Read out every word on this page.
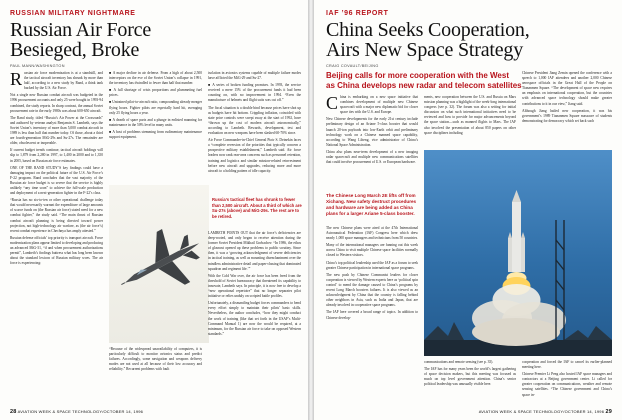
RUSSIAN MILITARY NIGHTMARE
Russian Air Force
Besieged, Broke
PAUL MANN/WASHINGTON

Russian air force modernization is at a standstill, and the tactical aircraft inventory has shrunk by more than half, according to a new study by Rand, a think tank backed by the U.S. Air Force.

Not a single new Russian combat aircraft was budgeted in the 1996 procurement accounts and only 25 were bought in 1993-94 combined, the study reports. In sharp contrast, the annual Soviet procurement rate in the early 1980s was about 600-650 aircraft.

The Rand study, titled “Russia’s Air Power at the Crossroads” and authored by veteran analyst Benjamin S. Lambeth, says the Soviet Union’s inventory of more than 5,000 combat aircraft in 1989 is less than half that number today. Of those, about a third are fourth-generation MiG-29s and Su-27s. The remainder are older, obsolescent or inoperable.

If current budget trends continue, tactical aircraft holdings will slip to 1,879 from 2,280 in 1997, to 1,400 in 2000 and to 1,350 in 2005, based on Russian air force estimates.

ONE OF THE RAND STUDY’S key findings could have a damaging impact on the political future of the U.S. Air Force’s F-22 program. Rand concludes that the vast majority of the Russian air force budget is so severe that the service is highly unlikely “any time soon” to achieve the full-scale production and deployment of a next-generation fighter in the F-22’s class.

“Russia has no six-to-ten or other operational challenge today that would necessarily warrant the expenditure of large amounts of scarce funds on (the Russian air force) stated need for a new combat fighter,” the study said. “The main thrust of Russian combat aircraft planning is being directed toward power projection, not high-technology air warfare, as (the air force’s) recent combat experience in Chechnya has amply attested.”

Russian defense officials’ top priority is transport aircraft. Force modernization plans appear limited to developing and producing an advanced MiG-31, “if and when procurement authorizations permit”, Lambeth’s findings buttress what has long been known about the standard lexicon of Russian military woes. The air force is experiencing:

■ A major decline in air defense. From a high of about 2,500 interceptors on the eve of the Soviet Union’s collapse in 1991, the inventory has dwindled to fewer than half that number.

■ A full shortage of crisis proportions and plummeting fuel prices.

■ Untrained pilot-to-aircraft ratio, compounding already meager flying hours. Fighter pilots are especially hard hit, averaging only 25 flying hours a year.

■ A dearth of spare parts and a plunge in enlisted manning for maintenance in the 50% level in many units.

■ A host of problems stemming from rudimentary maintenance support equipment.

isolation in avionics systems capable of multiple failure modes have afflicted the MiG-29 and Su-27.

■ A series of broken funding promises. In 1993, the service received a mere 15% of the procurement funds it had been counting on, with no improvement in 1994. “Even the manufacture of helmets and flight suits was cut off.”

The fiscal situation is a double bind because prices have shot up as budgets have hit bottom. Crippling inflation, coincided with state price controls were swept away at the start of 1992, have “thrown up the cost of modern aircraft astronomically,” according to Lambeth. Rewards, development, test and evaluation on new weapons have been slashed 60-70% since.

Air Force Commander-in-Chief General Piotr S. Deinekin faces a “complete reversion of the priorities that typically concern a prospective military establishment,” Lambeth said. Air force leaders now rank rear-area concerns such as personnel retention, training and logistics and similar mission-related reinvestment before new aircraft and upgrades, reducing more and more aircraft to a holding pattern of idle capacity.

“Because of the widespread unavailability of computers, it is particularly difficult to monitor avionics status and predict failures. Accordingly, some navigation and weapons delivery modes are not used at all because of their low accuracy and reliability.” Recurrent problems with fault

Russia’s tactical fleet has shrunk to fewer than 2,500 aircraft. About a third of which are Su-27s (above) and MiG-29s. The rest are to be retired.

LAMBETH POINTS OUT that the air force’s deficiencies are deep-rooted, and only began to receive attention during the former Soviet President Mikhail Gorbachev. “In 1986, the ethos of glasnost opened up these problems to public scrutiny. Since then, it was a ‘growing acknowledgment of severe deficiencies in tactical training, as well as mounting disenchantment over the mindless administrative detail and paper-chasing that dominated squadron and regiment life.’”

With the Cold War over, the air force has been freed from the threshold of Soviet bureaucracy that threatened its capability to innovate, Lambeth says. In principle, it is now free to develop a “new operational repertoire” that no longer separates pilot initiative or relies unduly on scripted battle profiles.

Unfortunately, a dismantling budget forces commanders to bend every effort simply to maintain their pilots’ basic skills. Nevertheless, the author concludes, “how they might conduct the work of training (like that set forth in the USAF’s Multi-Command Manual 1) are now the would be required, at a minimum, for the Russian air force to take on opposed Western standards.”

28 AVIATION WEEK & SPACE TECHNOLOGY/OCTOBER 14, 1996
IAF ’96 REPORT
China Seeks Cooperation,
Airs New Space Strategy
CRAIG COVAULT/BEIJING
Beijing calls for more cooperation with the West
as China develops new radar and telecom satellites

China is embarking on a new space initiative that combines development of multiple new Chinese spacecraft with a major new diplomatic bid for closer space ties with the U.S. and Europe.

New Chinese developments for the early 21st century include preliminary design of an Ariane 5-class booster that would launch 20-ton payloads into low-Earth orbit and preliminary technology work on a Chinese manned space capability, according to Wang Liheng, vice administrator of China’s National Space Administration.

China also plans near-term development of a new imaging radar spacecraft and multiple new communications satellites that could involve procurement of U.S. or European hardware.

The Chinese Long March 2E lifts off from Xichang. New safety destruct procedures and hardware are being added as China plans for a larger Ariane 5-class booster.

The new Chinese plans were aired at the 47th International Astronautical Federation (IAF) Congress here which drew nearly 1,000 space managers and technicians from 50 countries.

Many of the international managers are fanning out this week across China to visit multiple Chinese space facilities normally closed to Western visitors.

China’s top political leadership used the IAF as a forum to seek greater Chinese participation in international space programs.

The new push by Chinese Communist leaders for closer cooperation is viewed by Western experts here as ‘political spin control’ to mend the damage caused to China’s programs by recent Long March boosters failures. It is also viewed as an acknowledgment by China that the country is falling behind other neighbors in Asia, such as India and Japan, that are already involved in cooperative space programs.

The IAF here covered a broad range of topics. In addition to Chinese develop-

ments, new cooperation between the U.S. and Russia on Mars mission planning was a highlight of the week-long international congress (see p. 32). The forum was also a setting for initial discussion on what such international initiatives need to be reviewed and how to provide for major advancements beyond the space station—such as manned flights to Mars. The IAF also involved the presentation of about 850 papers on other space disciplines including

Chinese President Jiang Zemin opened the conference with a speech to 1,000 IAF attendees and another 2,000 Chinese aerospace officials in the Great Hall of the People on Tiananmen Square. “The development of space new requires an emphasis on international cooperation, but the countries with advanced space technology should make greater contributions to it in our view,” Jiang said.

Although Jiang hailed new cooperation, it was his government’s 1989 Tiananmen Square massacre of students demonstrating for democracy which set back such

communications and remote sensing (see p. 35).

The IAF has for many years been the world’s largest gathering of space decision makers, but this meeting was focused as much on top level government attention. China’s senior political leadership was unusually visible here.

cooperation and forced the IAF to cancel its earlier-planned meeting here.

Chinese Premier Li Peng also hosted IAF space managers and contractors at a Beijing government center. Li called for greater cooperation on communications, weather and remote sensing satellites. “The Chinese government and China’s space in-

AVIATION WEEK & SPACE TECHNOLOGY/OCTOBER 14, 1996 29
